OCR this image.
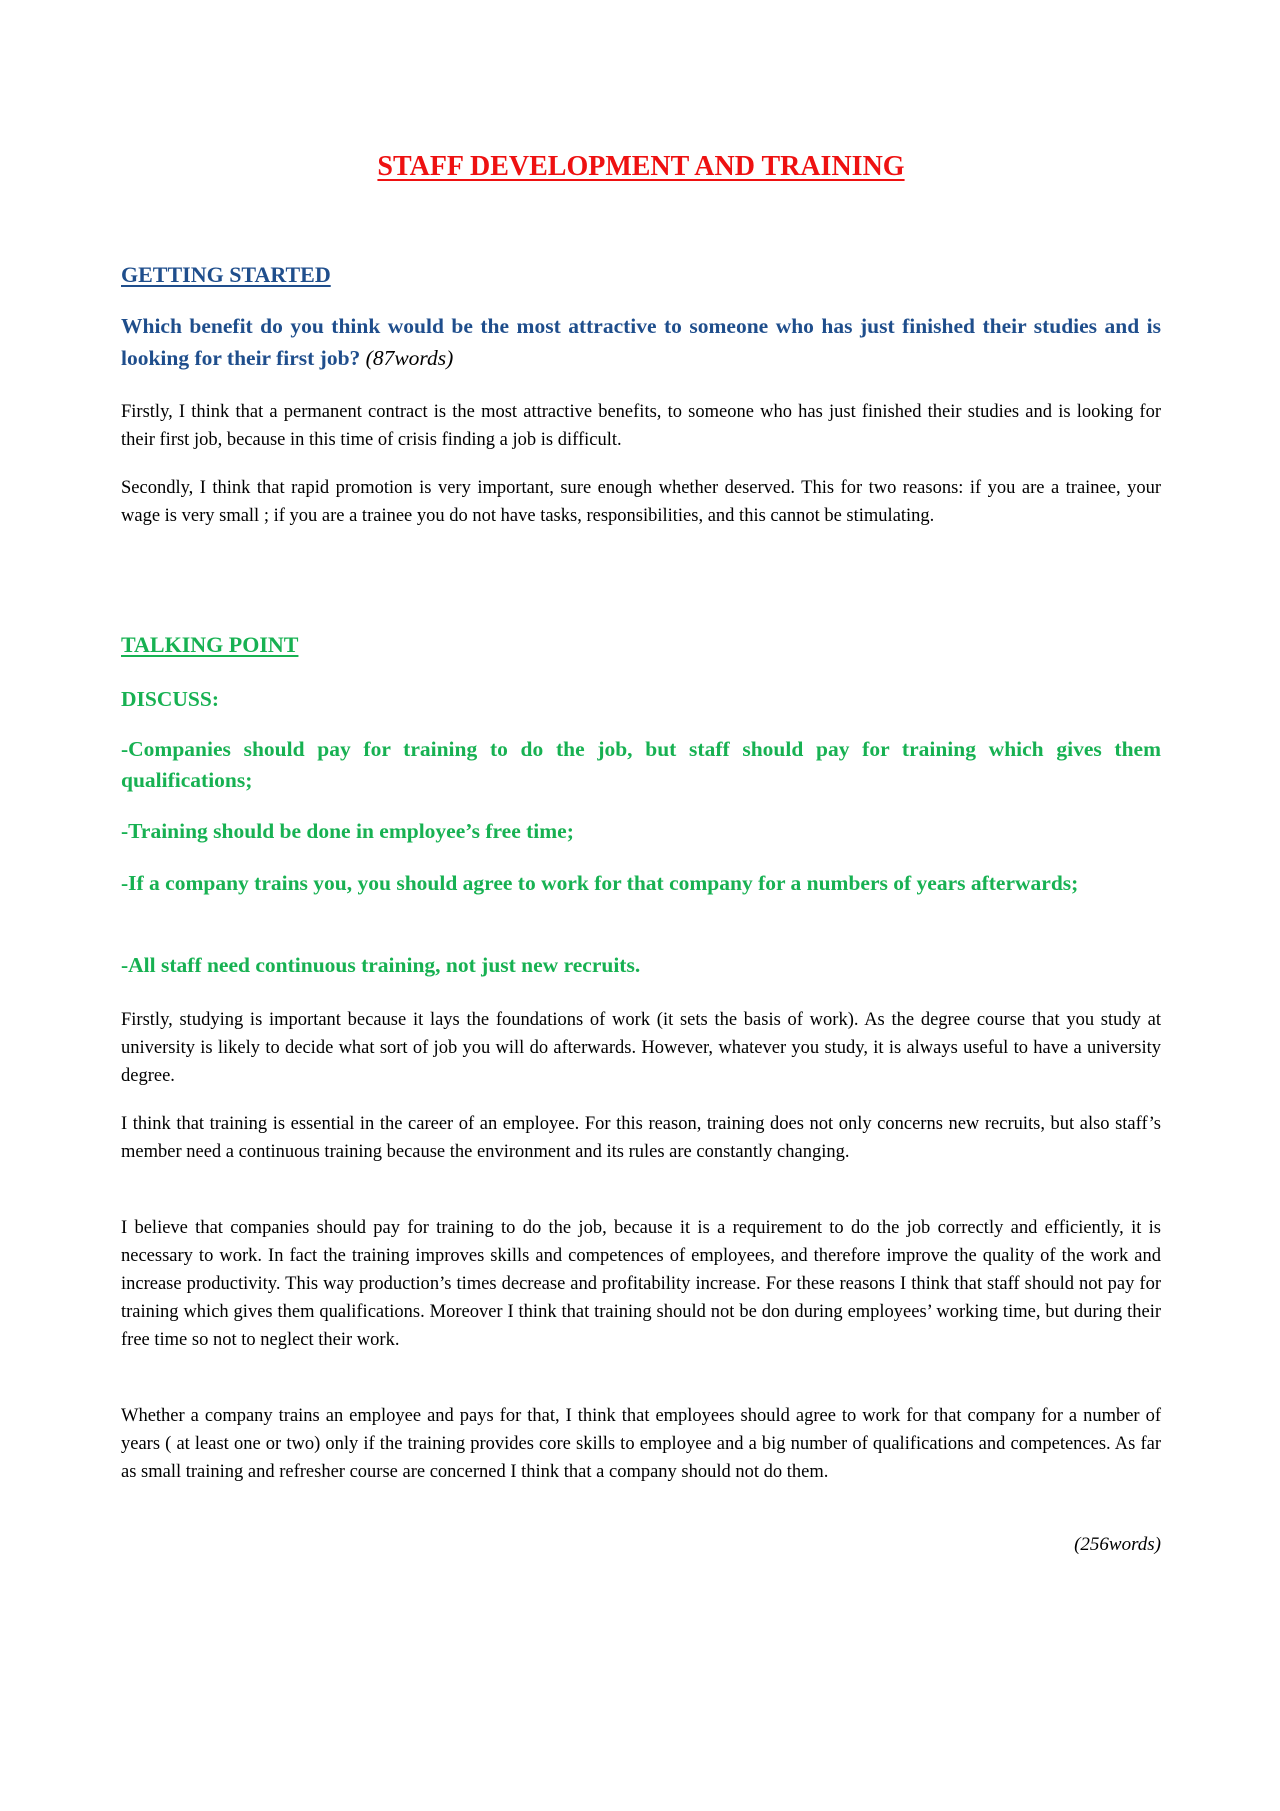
STAFF DEVELOPMENT AND TRAINING
GETTING STARTED

Which benefit do you think would be the most attractive to someone who has just finished their studies and is looking for their first job? (87words)

Firstly, I think that a permanent contract is the most attractive benefits, to someone who has just finished their studies and is looking for their first job, because in this time of crisis finding a job is difficult.

Secondly, I think that rapid promotion is very important, sure enough whether deserved. This for two reasons: if you are a trainee, your wage is very small ; if you are a trainee you do not have tasks, responsibilities, and this cannot be stimulating.

TALKING POINT

DISCUSS:

-Companies should pay for training to do the job, but staff should pay for training which gives them qualifications;

-Training should be done in employee’s free time;

-If a company trains you, you should agree to work for that company for a numbers of years afterwards;

-All staff need continuous training, not just new recruits.

Firstly, studying is important because it lays the foundations of work (it sets the basis of work). As the degree course that you study at university is likely to decide what sort of job you will do afterwards. However, whatever you study, it is always useful to have a university degree.

I think that training is essential in the career of an employee. For this reason, training does not only concerns new recruits, but also staff’s member need a continuous training because the environment and its rules are constantly changing.

I believe that companies should pay for training to do the job, because it is a requirement to do the job correctly and efficiently, it is necessary to work. In fact the training improves skills and competences of employees, and therefore improve the quality of the work and increase productivity. This way production’s times decrease and profitability increase. For these reasons I think that staff should not pay for training which gives them qualifications. Moreover I think that training should not be don during employees’ working time, but during their free time so not to neglect their work.

Whether a company trains an employee and pays for that, I think that employees should agree to work for that company for a number of years ( at least one or two) only if the training provides core skills to employee and a big number of qualifications and competences. As far as small training and refresher course are concerned I think that a company should not do them.

(256words)
